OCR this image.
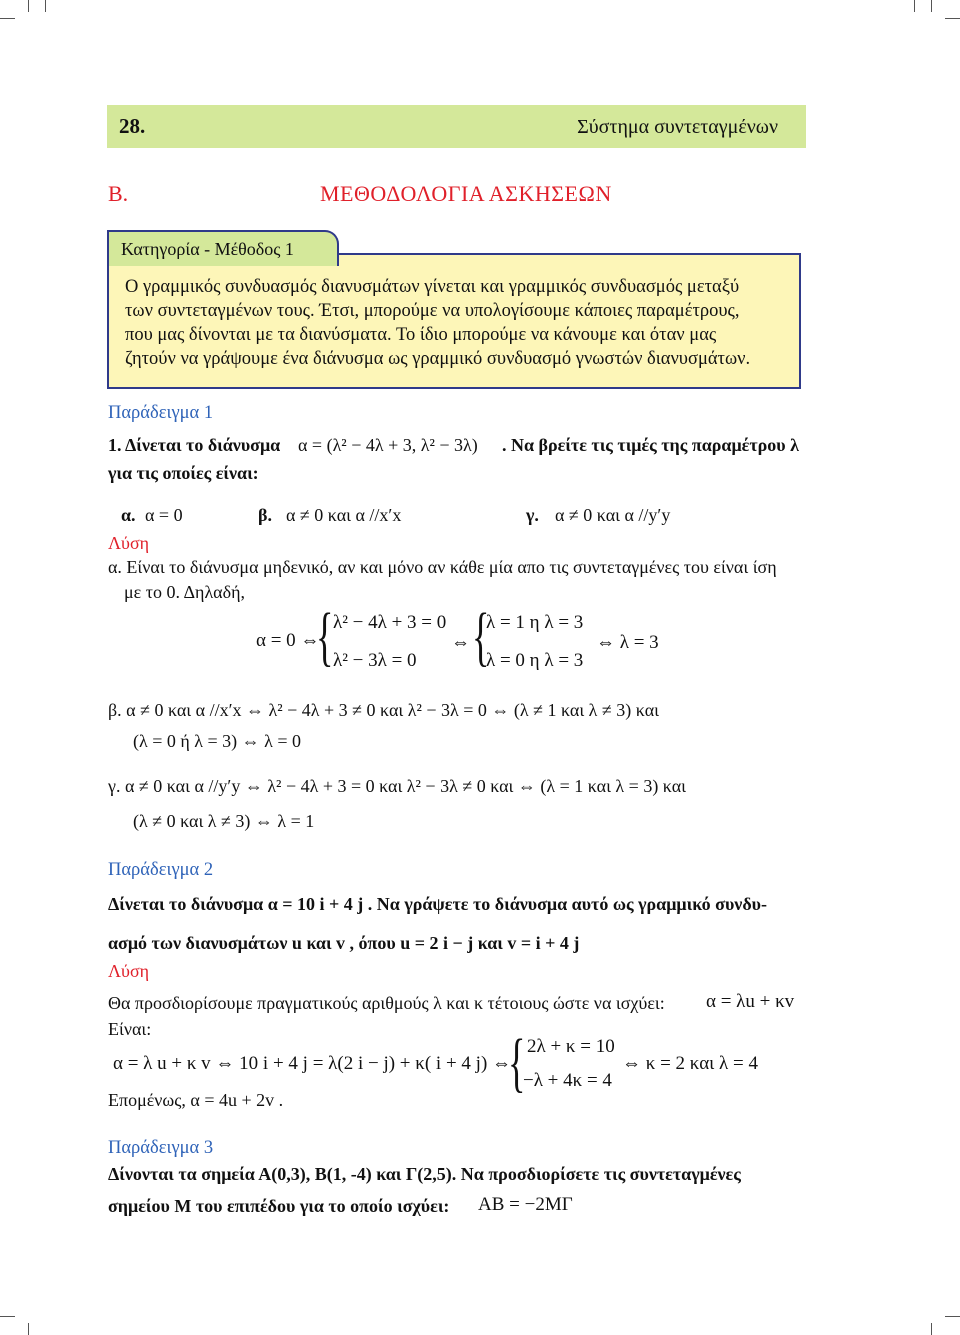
28.	Σύστημα συντεταγμένων
Β.	ΜΕΘΟΔΟΛΟΓΙΑ ΑΣΚΗΣΕΩΝ
Κατηγορία - Μέθοδος 1
Ο γραμμικός συνδυασμός διανυσμάτων γίνεται και γραμμικός συνδυασμός μεταξύ
των συντεταγμένων τους. Έτσι, μπορούμε να υπολογίσουμε κάποιες παραμέτρους,
που μας δίνονται με τα διανύσματα. Το ίδιο μπορούμε να κάνουμε και όταν μας
ζητούν να γράψουμε ένα διάνυσμα ως γραμμικό συνδυασμό γνωστών διανυσμάτων.
Παράδειγμα 1
1. Δίνεται το διάνυσμα α = (λ² − 4λ + 3, λ² − 3λ) . Να βρείτε τις τιμές της παραμέτρου λ
για τις οποίες είναι:
α. α = 0	β. α ≠ 0 και α //x′x	γ. α ≠ 0 και α //y′y
Λύση
α. Είναι το διάνυσμα μηδενικό, αν και μόνο αν κάθε μία απο τις συντεταγμένες του είναι ίση
με το 0. Δηλαδή,
α = 0 ⇔
{ λ² − 4λ + 3 = 0
λ² − 3λ = 0
⇔ {
λ = 1 η λ = 3
λ = 0 η λ = 3
⇔ λ = 3
β. α ≠ 0 και α //x′x ⇔ λ² − 4λ + 3 ≠ 0 και λ² − 3λ = 0 ⇔ (λ ≠ 1 και λ ≠ 3) και
(λ = 0 ή λ = 3) ⇔ λ = 0
γ. α ≠ 0 και α //y′y ⇔ λ² − 4λ + 3 = 0 και λ² − 3λ ≠ 0 και ⇔ (λ = 1 και λ = 3) και
(λ ≠ 0 και λ ≠ 3) ⇔ λ = 1
Παράδειγμα 2
Δίνεται το διάνυσμα α = 10 i + 4 j . Να γράψετε το διάνυσμα αυτό ως γραμμικό συνδυ-
ασμό των διανυσμάτων u και v , όπου u = 2 i − j και v = i + 4 j
Λύση
Θα προσδιορίσουμε πραγματικούς αριθμούς λ και κ τέτοιους ώστε να ισχύει: α = λu + κv
Είναι:
α = λ u + κ v ⇔ 10 i + 4 j = λ(2 i − j) + κ( i + 4 j) ⇔
{ 2λ + κ = 10
−λ + 4κ = 4
⇔ κ = 2 και λ = 4
Επομένως, α = 4u + 2v .
Παράδειγμα 3
Δίνονται τα σημεία Α(0,3), Β(1, -4) και Γ(2,5). Να προσδιορίσετε τις συντεταγμένες
σημείου Μ του επιπέδου για το οποίο ισχύει: ΑΒ = −2ΜΓ
